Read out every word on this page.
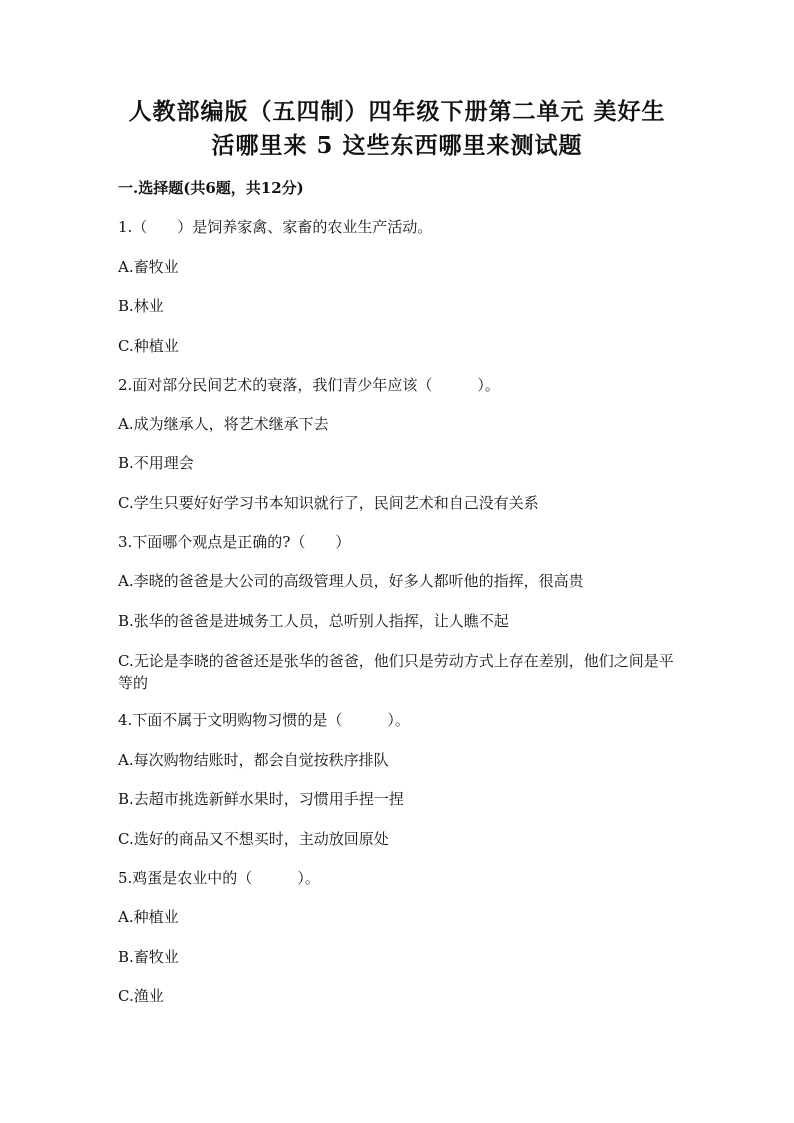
人教部编版（五四制）四年级下册第二单元 美好生
活哪里来 5 这些东西哪里来测试题

一.选择题(共6题，共12分)

1.（　　）是饲养家禽、家畜的农业生产活动。

A.畜牧业

B.林业

C.种植业

2.面对部分民间艺术的衰落，我们青少年应该（　　　）。

A.成为继承人，将艺术继承下去

B.不用理会

C.学生只要好好学习书本知识就行了，民间艺术和自己没有关系

3.下面哪个观点是正确的?（　　）

A.李晓的爸爸是大公司的高级管理人员，好多人都听他的指挥，很高贵

B.张华的爸爸是进城务工人员，总听别人指挥，让人瞧不起

C.无论是李晓的爸爸还是张华的爸爸，他们只是劳动方式上存在差别，他们之间是平等的

4.下面不属于文明购物习惯的是（　　　）。

A.每次购物结账时，都会自觉按秩序排队

B.去超市挑选新鲜水果时，习惯用手捏一捏

C.选好的商品又不想买时，主动放回原处

5.鸡蛋是农业中的（　　　）。

A.种植业

B.畜牧业

C.渔业
